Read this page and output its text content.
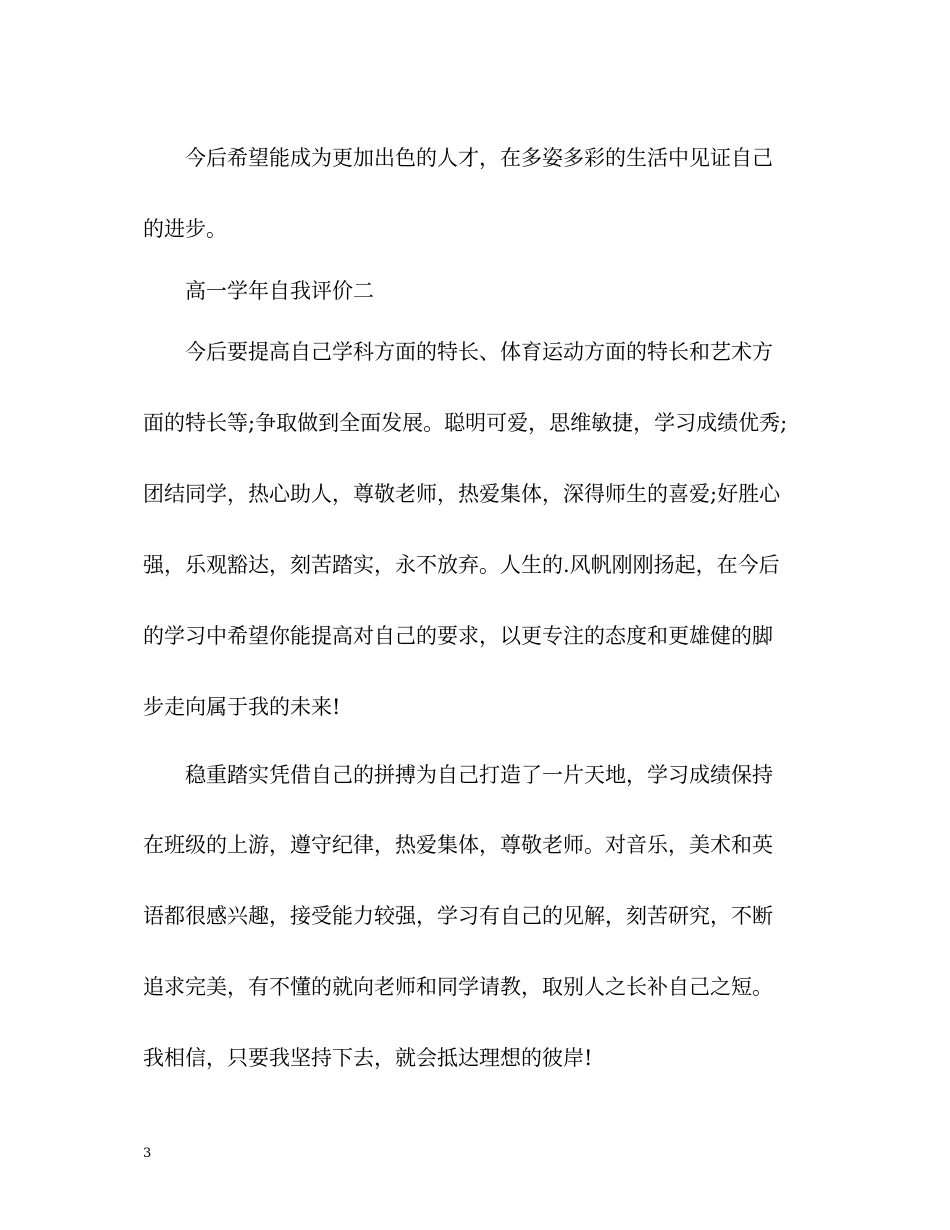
今后希望能成为更加出色的人才，在多姿多彩的生活中见证自己

的进步。

高一学年自我评价二

今后要提高自己学科方面的特长、体育运动方面的特长和艺术方

面的特长等;争取做到全面发展。聪明可爱，思维敏捷，学习成绩优秀;

团结同学，热心助人，尊敬老师，热爱集体，深得师生的喜爱;好胜心

强，乐观豁达，刻苦踏实，永不放弃。人生的.风帆刚刚扬起，在今后

的学习中希望你能提高对自己的要求，以更专注的态度和更雄健的脚

步走向属于我的未来!

稳重踏实凭借自己的拼搏为自己打造了一片天地，学习成绩保持

在班级的上游，遵守纪律，热爱集体，尊敬老师。对音乐，美术和英

语都很感兴趣，接受能力较强，学习有自己的见解，刻苦研究，不断

追求完美，有不懂的就向老师和同学请教，取别人之长补自己之短。

我相信，只要我坚持下去，就会抵达理想的彼岸!

3
